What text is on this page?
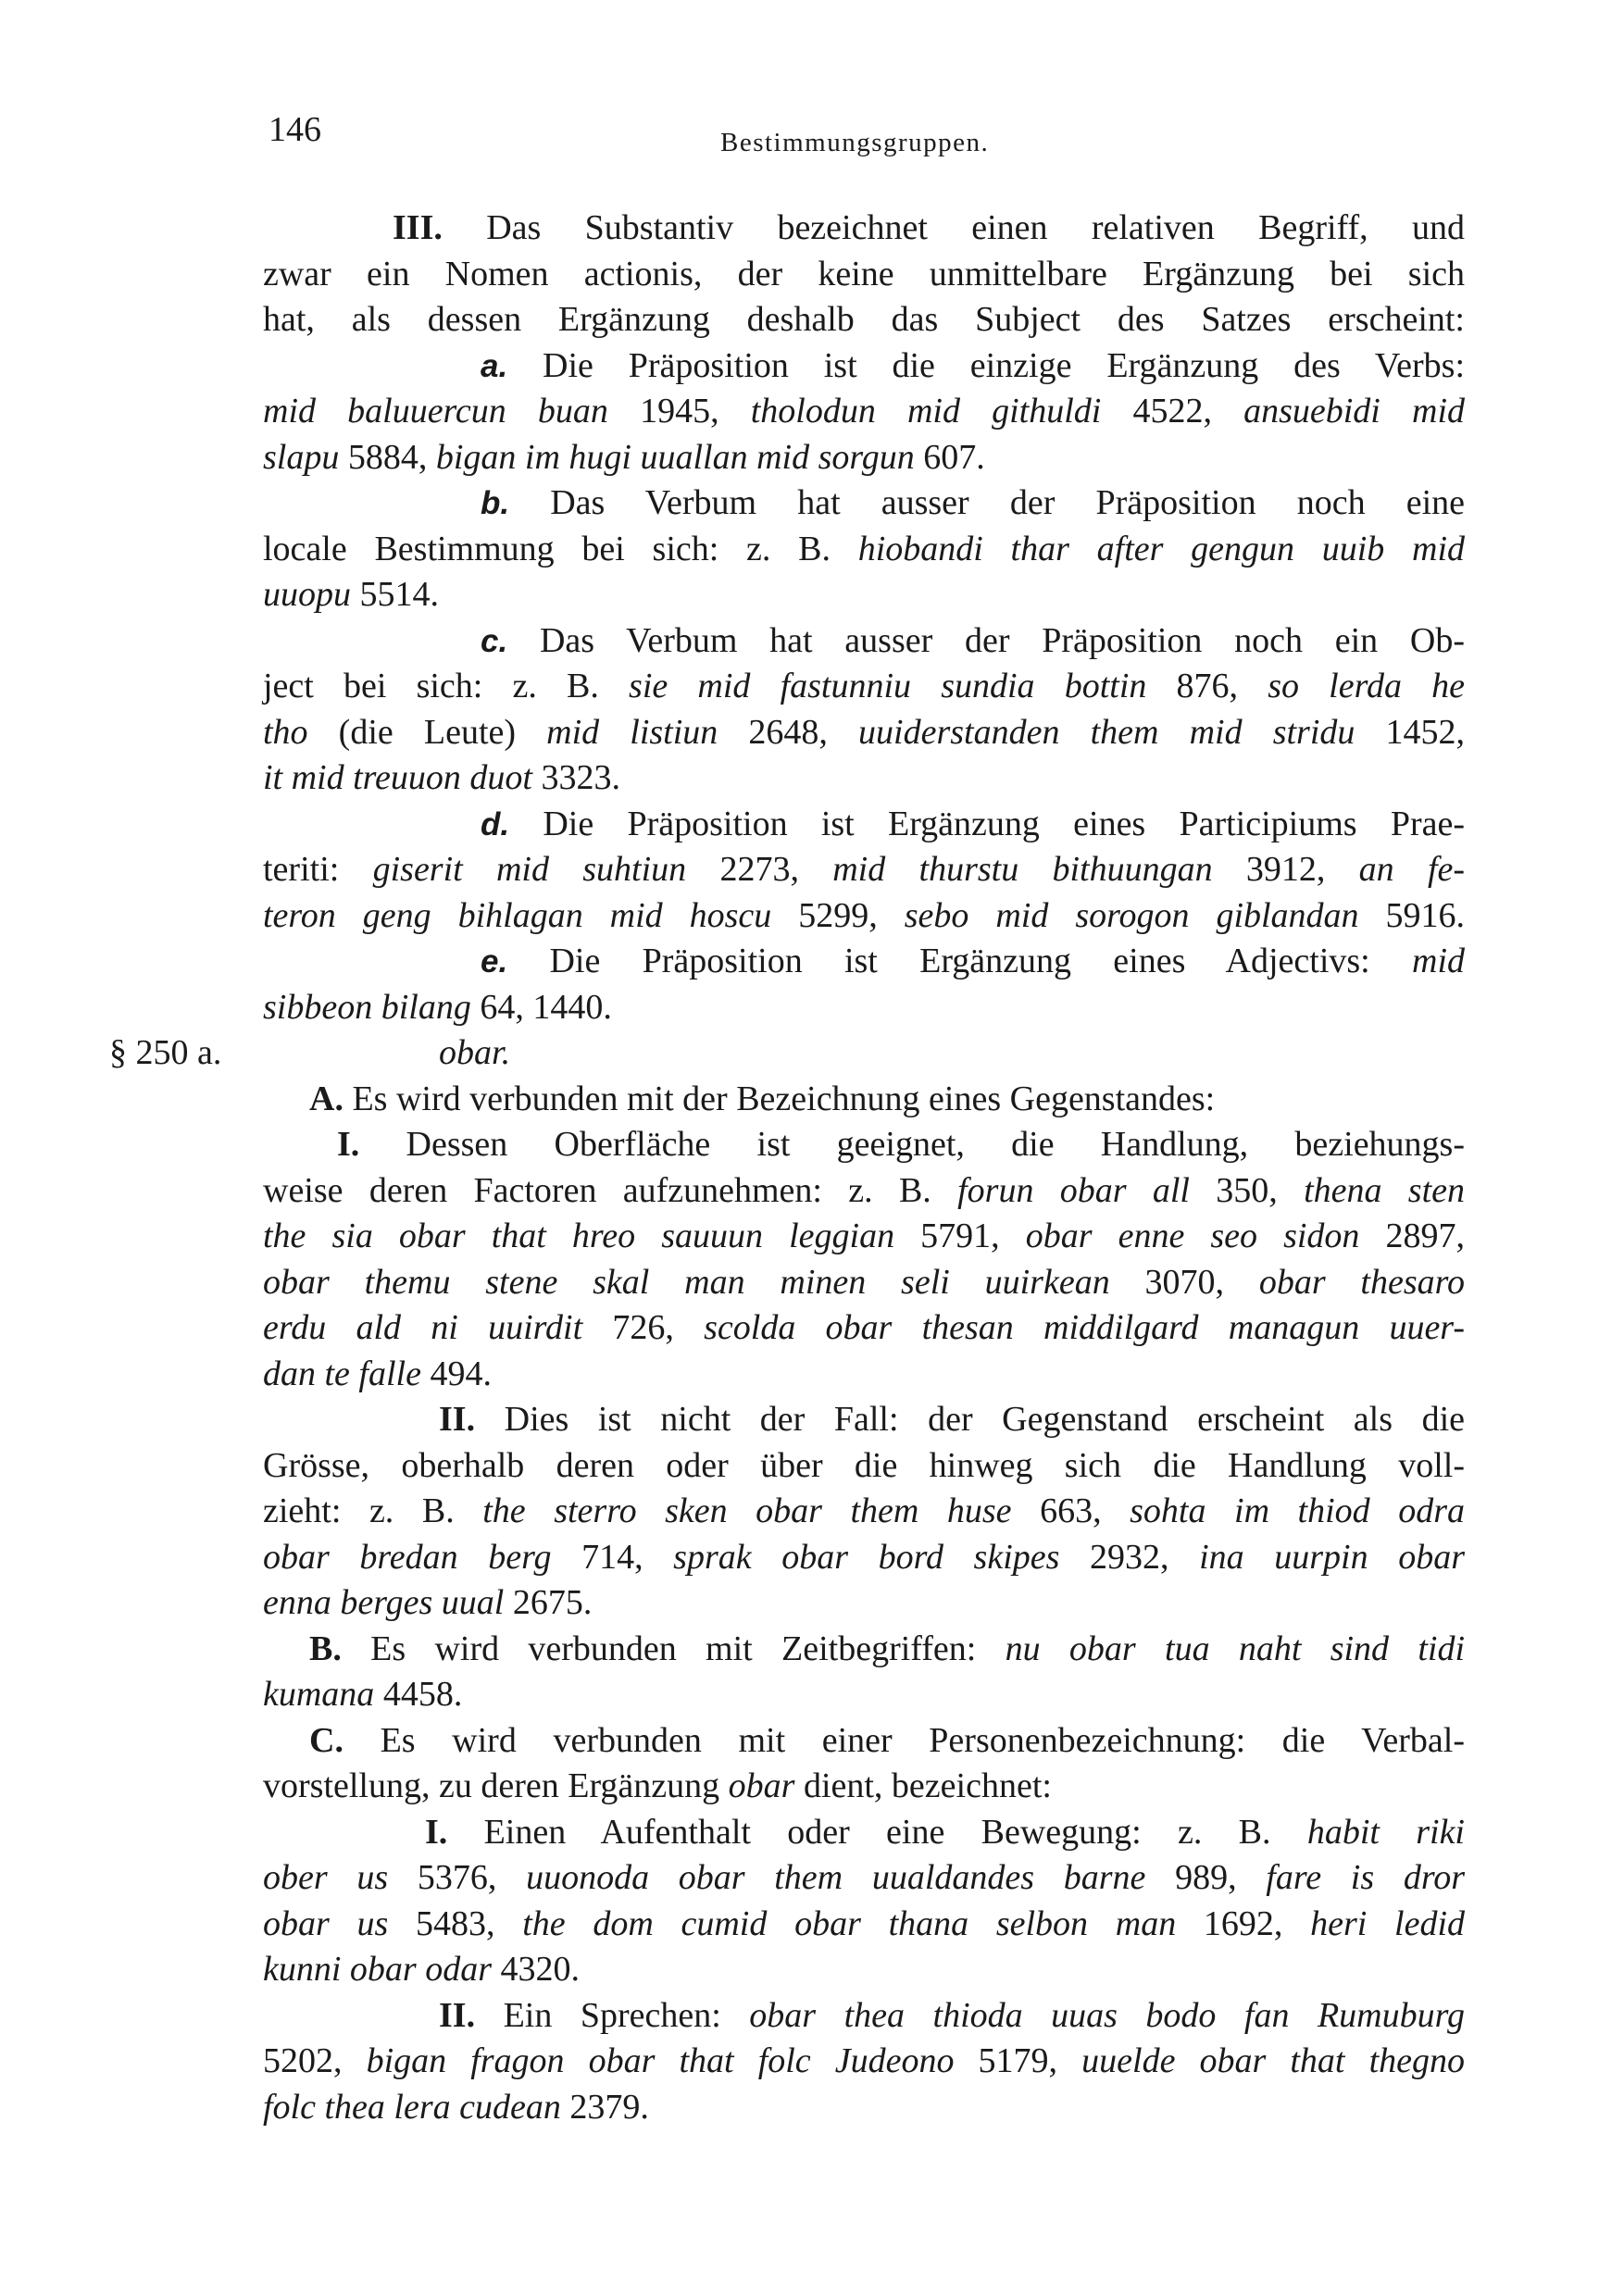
146	Bestimmungsgruppen.
III. Das Substantiv bezeichnet einen relativen Begriff, und
zwar ein Nomen actionis, der keine unmittelbare Ergänzung bei sich
hat, als dessen Ergänzung deshalb das Subject des Satzes erscheint:
a. Die Präposition ist die einzige Ergänzung des Verbs:
mid baluuercun buan 1945, tholodun mid githuldi 4522, ansuebidi mid
slapu 5884, bigan im hugi uuallan mid sorgun 607.
b. Das Verbum hat ausser der Präposition noch eine
locale Bestimmung bei sich: z. B. hiobandi thar after gengun uuib mid
uuopu 5514.
c. Das Verbum hat ausser der Präposition noch ein Ob-
ject bei sich: z. B. sie mid fastunniu sundia bottin 876, so lerda he
tho (die Leute) mid listiun 2648, uuiderstanden them mid stridu 1452,
it mid treuuon duot 3323.
d. Die Präposition ist Ergänzung eines Participiums Prae-
teriti: giserit mid suhtiun 2273, mid thurstu bithuungan 3912, an fe-
teron geng bihlagan mid hoscu 5299, sebo mid sorogon giblandan 5916.
e. Die Präposition ist Ergänzung eines Adjectivs: mid
sibbeon bilang 64, 1440.
§ 250 a.	obar.
A. Es wird verbunden mit der Bezeichnung eines Gegenstandes:
I. Dessen Oberfläche ist geeignet, die Handlung, beziehungs-
weise deren Factoren aufzunehmen: z. B. forun obar all 350, thena sten
the sia obar that hreo sauuun leggian 5791, obar enne seo sidon 2897,
obar themu stene skal man minen seli uuirkean 3070, obar thesaro
erdu ald ni uuirdit 726, scolda obar thesan middilgard managun uuer-
dan te falle 494.
II. Dies ist nicht der Fall: der Gegenstand erscheint als die
Grösse, oberhalb deren oder über die hinweg sich die Handlung voll-
zieht: z. B. the sterro sken obar them huse 663, sohta im thiod odra
obar bredan berg 714, sprak obar bord skipes 2932, ina uurpin obar
enna berges uual 2675.
B. Es wird verbunden mit Zeitbegriffen: nu obar tua naht sind tidi
kumana 4458.
C. Es wird verbunden mit einer Personenbezeichnung: die Verbal-
vorstellung, zu deren Ergänzung obar dient, bezeichnet:
I. Einen Aufenthalt oder eine Bewegung: z. B. habit riki
ober us 5376, uuonoda obar them uualdandes barne 989, fare is dror
obar us 5483, the dom cumid obar thana selbon man 1692, heri ledid
kunni obar odar 4320.
II. Ein Sprechen: obar thea thioda uuas bodo fan Rumuburg
5202, bigan fragon obar that folc Judeono 5179, uuelde obar that thegno
folc thea lera cudean 2379.
